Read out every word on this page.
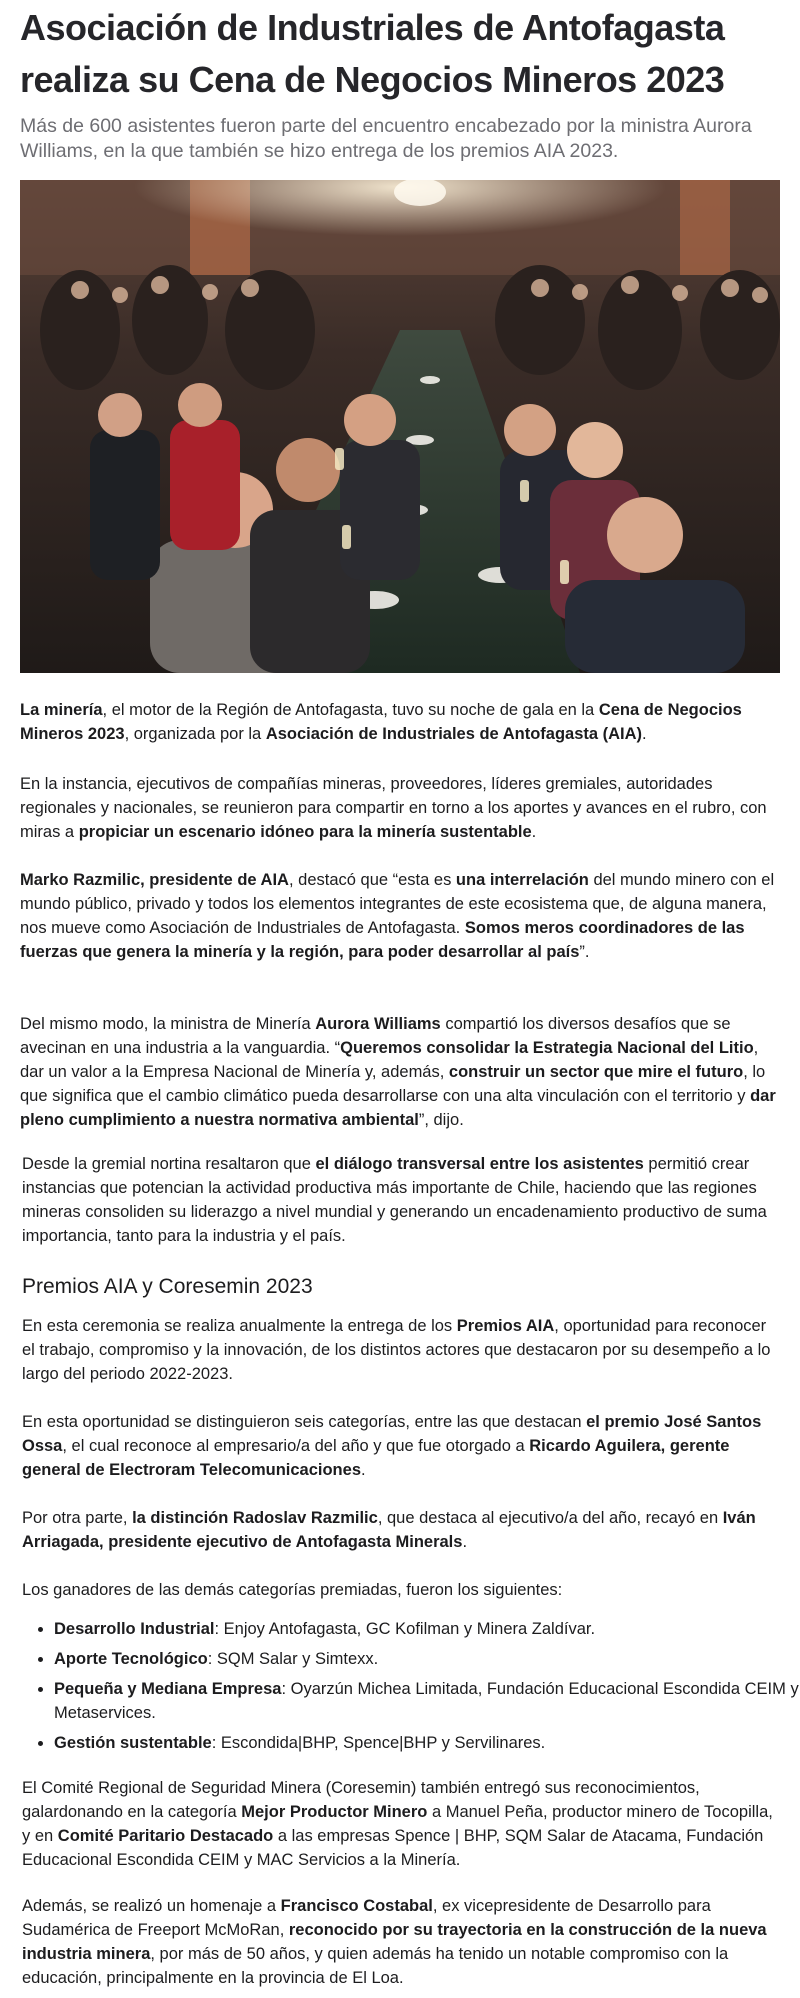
Asociación de Industriales de Antofagasta realiza su Cena de Negocios Mineros 2023

Más de 600 asistentes fueron parte del encuentro encabezado por la ministra Aurora Williams, en la que también se hizo entrega de los premios AIA 2023.

La minería, el motor de la Región de Antofagasta, tuvo su noche de gala en la Cena de Negocios Mineros 2023, organizada por la Asociación de Industriales de Antofagasta (AIA).

En la instancia, ejecutivos de compañías mineras, proveedores, líderes gremiales, autoridades regionales y nacionales, se reunieron para compartir en torno a los aportes y avances en el rubro, con miras a propiciar un escenario idóneo para la minería sustentable.

Marko Razmilic, presidente de AIA, destacó que “esta es una interrelación del mundo minero con el mundo público, privado y todos los elementos integrantes de este ecosistema que, de alguna manera, nos mueve como Asociación de Industriales de Antofagasta. Somos meros coordinadores de las fuerzas que genera la minería y la región, para poder desarrollar al país”.

Del mismo modo, la ministra de Minería Aurora Williams compartió los diversos desafíos que se avecinan en una industria a la vanguardia. “Queremos consolidar la Estrategia Nacional del Litio, dar un valor a la Empresa Nacional de Minería y, además, construir un sector que mire el futuro, lo que significa que el cambio climático pueda desarrollarse con una alta vinculación con el territorio y dar pleno cumplimiento a nuestra normativa ambiental”, dijo.

Desde la gremial nortina resaltaron que el diálogo transversal entre los asistentes permitió crear instancias que potencian la actividad productiva más importante de Chile, haciendo que las regiones mineras consoliden su liderazgo a nivel mundial y generando un encadenamiento productivo de suma importancia, tanto para la industria y el país.

Premios AIA y Coresemin 2023

En esta ceremonia se realiza anualmente la entrega de los Premios AIA, oportunidad para reconocer el trabajo, compromiso y la innovación, de los distintos actores que destacaron por su desempeño a lo largo del periodo 2022-2023.

En esta oportunidad se distinguieron seis categorías, entre las que destacan el premio José Santos Ossa, el cual reconoce al empresario/a del año y que fue otorgado a Ricardo Aguilera, gerente general de Electroram Telecomunicaciones.

Por otra parte, la distinción Radoslav Razmilic, que destaca al ejecutivo/a del año, recayó en Iván Arriagada, presidente ejecutivo de Antofagasta Minerals.

Los ganadores de las demás categorías premiadas, fueron los siguientes:

• Desarrollo Industrial: Enjoy Antofagasta, GC Kofilman y Minera Zaldívar.
• Aporte Tecnológico: SQM Salar y Simtexx.
• Pequeña y Mediana Empresa: Oyarzún Michea Limitada, Fundación Educacional Escondida CEIM y Metaservices.
• Gestión sustentable: Escondida|BHP, Spence|BHP y Servilinares.

El Comité Regional de Seguridad Minera (Coresemin) también entregó sus reconocimientos, galardonando en la categoría Mejor Productor Minero a Manuel Peña, productor minero de Tocopilla, y en Comité Paritario Destacado a las empresas Spence | BHP, SQM Salar de Atacama, Fundación Educacional Escondida CEIM y MAC Servicios a la Minería.

Además, se realizó un homenaje a Francisco Costabal, ex vicepresidente de Desarrollo para Sudamérica de Freeport McMoRan, reconocido por su trayectoria en la construcción de la nueva industria minera, por más de 50 años, y quien además ha tenido un notable compromiso con la educación, principalmente en la provincia de El Loa.
